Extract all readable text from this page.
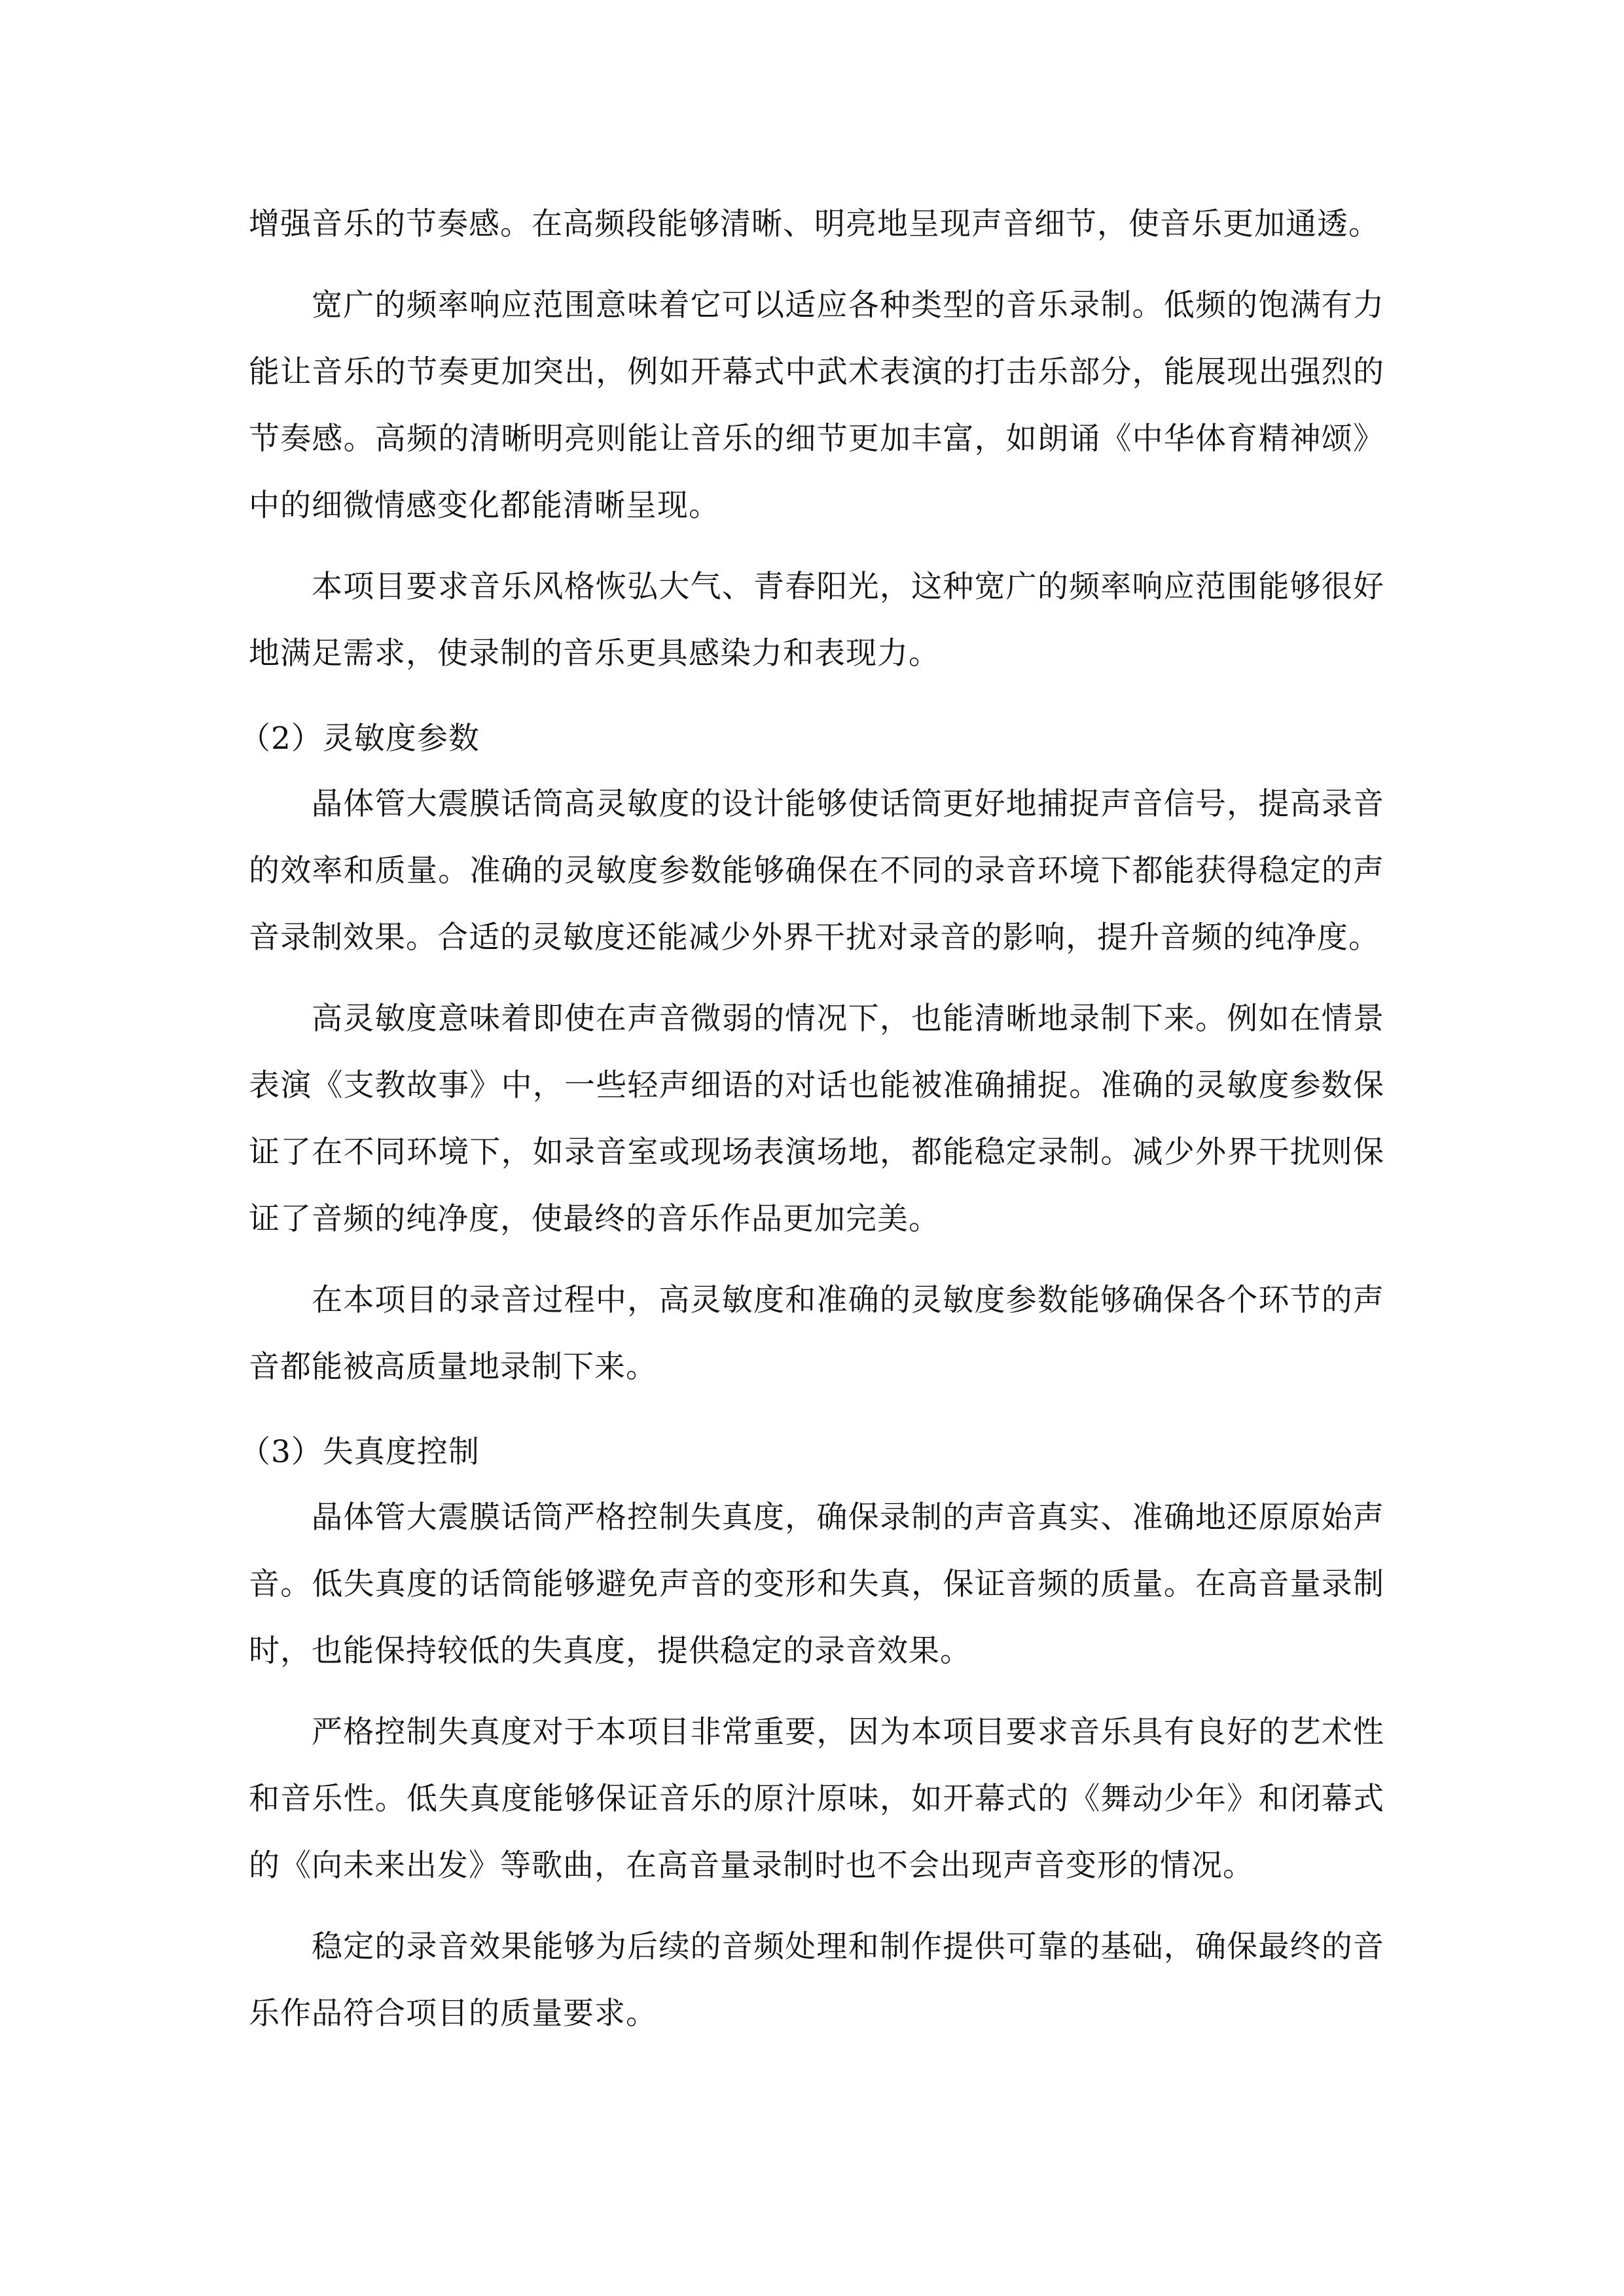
增强音乐的节奏感。在高频段能够清晰、明亮地呈现声音细节，使音乐更加通透。

宽广的频率响应范围意味着它可以适应各种类型的音乐录制。低频的饱满有力能让音乐的节奏更加突出，例如开幕式中武术表演的打击乐部分，能展现出强烈的节奏感。高频的清晰明亮则能让音乐的细节更加丰富，如朗诵《中华体育精神颂》中的细微情感变化都能清晰呈现。

本项目要求音乐风格恢弘大气、青春阳光，这种宽广的频率响应范围能够很好地满足需求，使录制的音乐更具感染力和表现力。

（2）灵敏度参数

晶体管大震膜话筒高灵敏度的设计能够使话筒更好地捕捉声音信号，提高录音的效率和质量。准确的灵敏度参数能够确保在不同的录音环境下都能获得稳定的声音录制效果。合适的灵敏度还能减少外界干扰对录音的影响，提升音频的纯净度。

高灵敏度意味着即使在声音微弱的情况下，也能清晰地录制下来。例如在情景表演《支教故事》中，一些轻声细语的对话也能被准确捕捉。准确的灵敏度参数保证了在不同环境下，如录音室或现场表演场地，都能稳定录制。减少外界干扰则保证了音频的纯净度，使最终的音乐作品更加完美。

在本项目的录音过程中，高灵敏度和准确的灵敏度参数能够确保各个环节的声音都能被高质量地录制下来。

（3）失真度控制

晶体管大震膜话筒严格控制失真度，确保录制的声音真实、准确地还原原始声音。低失真度的话筒能够避免声音的变形和失真，保证音频的质量。在高音量录制时，也能保持较低的失真度，提供稳定的录音效果。

严格控制失真度对于本项目非常重要，因为本项目要求音乐具有良好的艺术性和音乐性。低失真度能够保证音乐的原汁原味，如开幕式的《舞动少年》和闭幕式的《向未来出发》等歌曲，在高音量录制时也不会出现声音变形的情况。

稳定的录音效果能够为后续的音频处理和制作提供可靠的基础，确保最终的音乐作品符合项目的质量要求。
